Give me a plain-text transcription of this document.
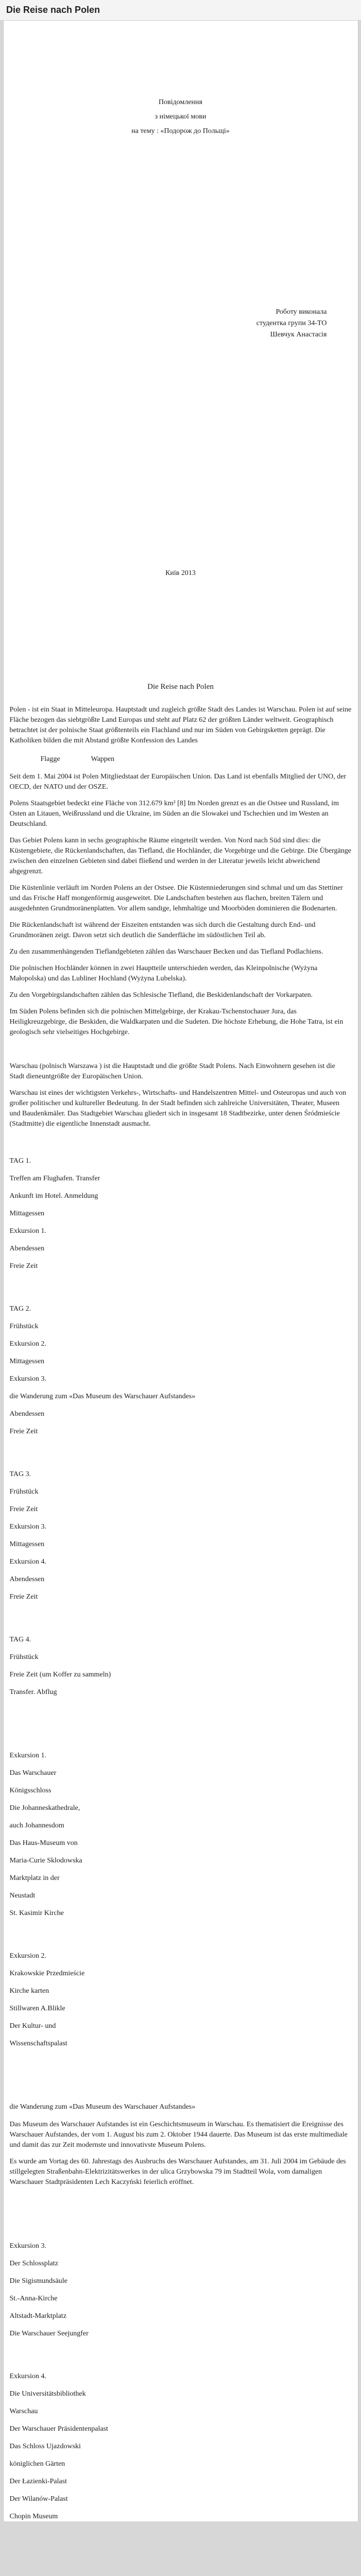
Die Reise nach Polen
Повідомлення
з німецької мови
на тему : «Подорож до Польщі»
Роботу виконала
студентка групи 34-ТО
Шевчук Анастасія
Київ 2013
Die Reise nach Polen

Polen - ist ein Staat in Mitteleuropa. Hauptstadt und zugleich größte Stadt des Landes ist Warschau. Polen ist auf seine Fläche bezogen das siebtgrößte Land Europas und steht auf Platz 62 der größten Länder weltweit. Geographisch betrachtet ist der polnische Staat größtenteils ein Flachland und nur im Süden von Gebirgsketten geprägt. Die Katholiken bilden die mit Abstand größte Konfession des Landes

Flagge	Wappen

Seit dem 1. Mai 2004 ist Polen Mitgliedstaat der Europäischen Union. Das Land ist ebenfalls Mitglied der UNO, der OECD, der NATO und der OSZE.

Polens Staatsgebiet bedeckt eine Fläche von 312.679 km² [8] Im Norden grenzt es an die Ostsee und Russland, im Osten an Litauen, Weißrussland und die Ukraine, im Süden an die Slowakei und Tschechien und im Westen an Deutschland.

Das Gebiet Polens kann in sechs geographische Räume eingeteilt werden. Von Nord nach Süd sind dies: die Küstengebiete, die Rückenlandschaften, das Tiefland, die Hochländer, die Vorgebirge und die Gebirge. Die Übergänge zwischen den einzelnen Gebieten sind dabei fließend und werden in der Literatur jeweils leicht abweichend abgegrenzt.

Die Küstenlinie verläuft im Norden Polens an der Ostsee. Die Küstenniederungen sind schmal und um das Stettiner und das Frische Haff mongenförmig ausgeweitet. Die Landschaften bestehen aus flachen, breiten Tälern und ausgedehnten Grundmoränenplatten. Vor allem sandige, lehmhaltige und Moorböden dominieren die Bodenarten.

Die Rückenlandschaft ist während der Eiszeiten entstanden was sich durch die Gestaltung durch End- und Grundmoränen zeigt. Davon setzt sich deutlich die Sanderfläche im südöstlichen Teil ab.

Zu den zusammenhängenden Tieflandgebieten zählen das Warschauer Becken und das Tiefland Podlachiens.

Die polnischen Hochländer können in zwei Hauptteile unterschieden werden, das Kleinpolnische (Wyżyna Małopolska) und das Lubliner Hochland (Wyżyna Lubelska).

Zu den Vorgebirgslandschaften zählen das Schlesische Tiefland, die Beskidenlandschaft der Vorkarpaten.

Im Süden Polens befinden sich die polnischen Mittelgebirge, der Krakau-Tschenstochauer Jura, das Heiligkreuzgebirge, die Beskiden, die Waldkarpaten und die Sudeten. Die höchste Erhebung, die Hohe Tatra, ist ein geologisch sehr vielseitiges Hochgebirge.

Warschau (polnisch Warszawa ) ist die Hauptstadt und die größte Stadt Polens. Nach Einwohnern gesehen ist die Stadt dieneuntgrößte der Europäischen Union.

Warschau ist eines der wichtigsten Verkehrs-, Wirtschafts- und Handelszentren Mittel- und Osteuropas und auch von großer politischer und kultureller Bedeutung. In der Stadt befinden sich zahlreiche Universitäten, Theater, Museen und Baudenkmäler. Das Stadtgebiet Warschau gliedert sich in insgesamt 18 Stadtbezirke, unter denen Śródmieście (Stadtmitte) die eigentliche Innenstadt ausmacht.

TAG 1.
Treffen am Flughafen. Transfer
Ankunft im Hotel. Anmeldung
Mittagessen
Exkursion 1.
Abendessen
Freie Zeit
TAG 2.
Frühstück
Exkursion 2.
Mittagessen
Exkursion 3.
die Wanderung zum «Das Museum des Warschauer Aufstandes»
Abendessen
Freie Zeit
TAG 3.
Frühstück
Freie Zeit
Exkursion 3.
Mittagessen
Exkursion 4.
Abendessen
Freie Zeit
TAG 4.
Frühstück
Freie Zeit (um Koffer zu sammeln)
Transfer. Abflug
Exkursion 1.
Das Warschauer
Königsschloss
Die Johanneskathedrale,
auch Johannesdom
Das Haus-Museum von
Maria-Curie Sklodowska
Marktplatz in der
Neustadt
St. Kasimir Kirche
Exkursion 2.
Krakowskie Przedmieście
Kirche karten
Stillwaren A.Blikle
Der Kultur- und
Wissenschaftspalast
die Wanderung zum «Das Museum des Warschauer Aufstandes»

Das Museum des Warschauer Aufstandes ist ein Geschichtsmuseum in Warschau. Es thematisiert die Ereignisse des Warschauer Aufstandes, der vom 1. August bis zum 2. Oktober 1944 dauerte. Das Museum ist das erste multimediale und damit das zur Zeit modernste und innovativste Museum Polens.

Es wurde am Vortag des 60. Jahrestags des Ausbruchs des Warschauer Aufstandes, am 31. Juli 2004 im Gebäude des stillgelegten Straßenbahn-Elektrizitätswerkes in der ulica Grzybowska 79 im Stadtteil Wola, vom damaligen Warschauer Stadtpräsidenten Lech Kaczyński feierlich eröffnet.

Exkursion 3.
Der Schlossplatz
Die Sigismundsäule
St.-Anna-Kirche
Altstadt-Marktplatz
Die Warschauer Seejungfer
Exkursion 4.
Die Universitätsbibliothek
Warschau
Der Warschauer Präsidentenpalast
Das Schloss Ujazdowski
königlichen Gärten
Der Łazienki-Palast
Der Wilanów-Palast
Chopin Museum
